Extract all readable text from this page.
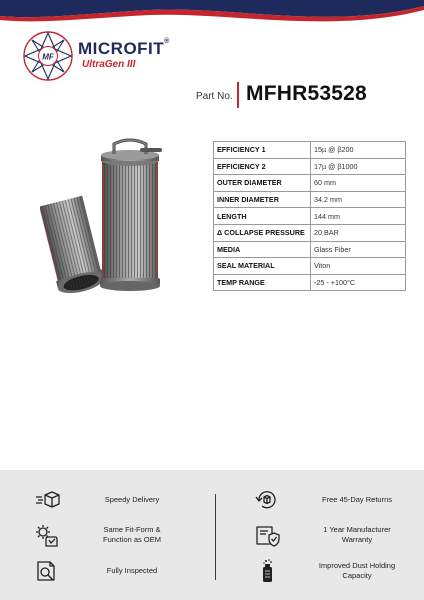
MF MICROFIT®
UltraGen III
Part No. MFHR53528
EFFICIENCY 1	15µ @ β200
EFFICIENCY 2	17µ @ β1000
OUTER DIAMETER	60 mm
INNER DIAMETER	34.2 mm
LENGTH	144 mm
Δ COLLAPSE PRESSURE	20 BAR
MEDIA	Glass Fiber
SEAL MATERIAL	Viton
TEMP RANGE	-25 - +100°C
Speedy Delivery
Same Fit-Form & Function as OEM
Fully Inspected
Free 45-Day Returns
1 Year Manufacturer Warranty
Improved Dust Holding Capacity
